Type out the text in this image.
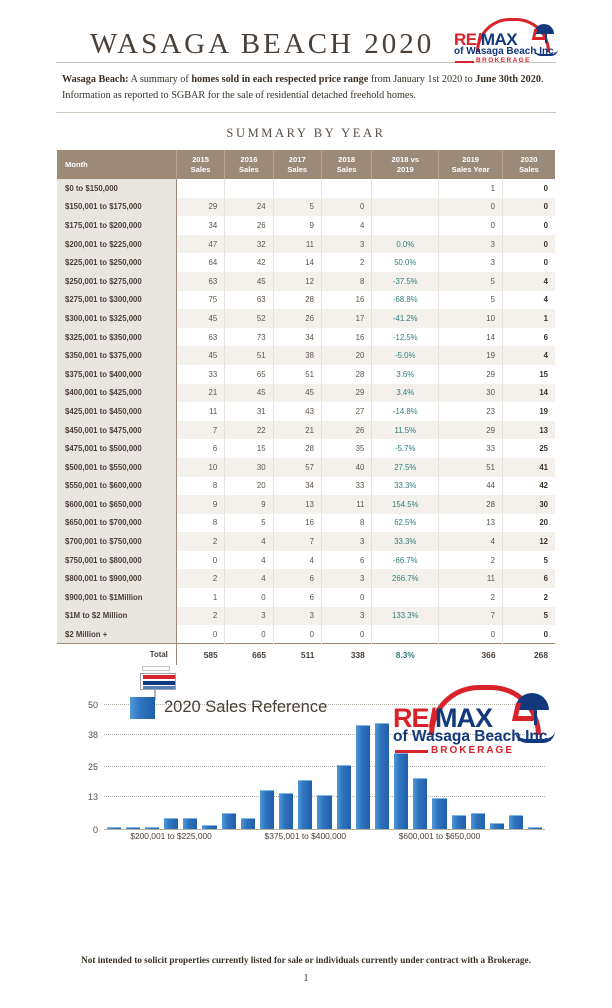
WASAGA BEACH 2020	RE/MAX
of Wasaga Beach Inc.
BROKERAGE
Wasaga Beach: A summary of homes sold in each respected price range from January 1st 2020 to June 30th 2020. Information as reported to SGBAR for the sale of residential detached freehold homes.
SUMMARY BY YEAR
Month

2015
Sales

2016
Sales

2017
Sales

2018
Sales

2018 vs
2019

2019
Sales Year

2020
Sales

$0 to $150,000						1	0
$150,001 to $175,000	29	24	5	0		0	0
$175,001 to $200,000	34	26	9	4		0	0
$200,001 to $225,000	47	32	11	3	0.0%	3	0
$225,001 to $250,000	64	42	14	2	50.0%	3	0
$250,001 to $275,000	63	45	12	8	-37.5%	5	4
$275,001 to $300,000	75	63	28	16	-68.8%	5	4
$300,001 to $325,000	45	52	26	17	-41.2%	10	1
$325,001 to $350,000	63	73	34	16	-12.5%	14	6
$350,001 to $375,000	45	51	38	20	-5.0%	19	4
$375,001 to $400,000	33	65	51	28	3.6%	29	15
$400,001 to $425,000	21	45	45	29	3.4%	30	14
$425,001 to $450,000	11	31	43	27	-14.8%	23	19
$450,001 to $475,000	7	22	21	26	11.5%	29	13
$475,001 to $500,000	6	15	28	35	-5.7%	33	25
$500,001 to $550,000	10	30	57	40	27.5%	51	41
$550,001 to $600,000	8	20	34	33	33.3%	44	42
$600,001 to $650,000	9	9	13	11	154.5%	28	30
$650,001 to $700,000	8	5	16	8	62.5%	13	20
$700,001 to $750,000	2	4	7	3	33.3%	4	12
$750,001 to $800,000	0	4	4	6	-66.7%	2	5
$800,001 to $900,000	2	4	6	3	266.7%	11	6
$900,001 to $1Million	1	0	6	0		2	2
$1M to $2 Million	2	3	3	3	133.3%	7	5
$2 Million +	0	0	0	0		0	0
Total	585	665	511	338	8.3%	366	268
0
13
25
38
50
$200,001 to $225,000	$375,001 to $400,000	$600,001 to $650,000
2020 Sales Reference RE/MAX
of Wasaga Beach Inc.
BROKERAGE
Not intended to solicit properties currently listed for sale or individuals currently under contract with a Brokerage.
1
